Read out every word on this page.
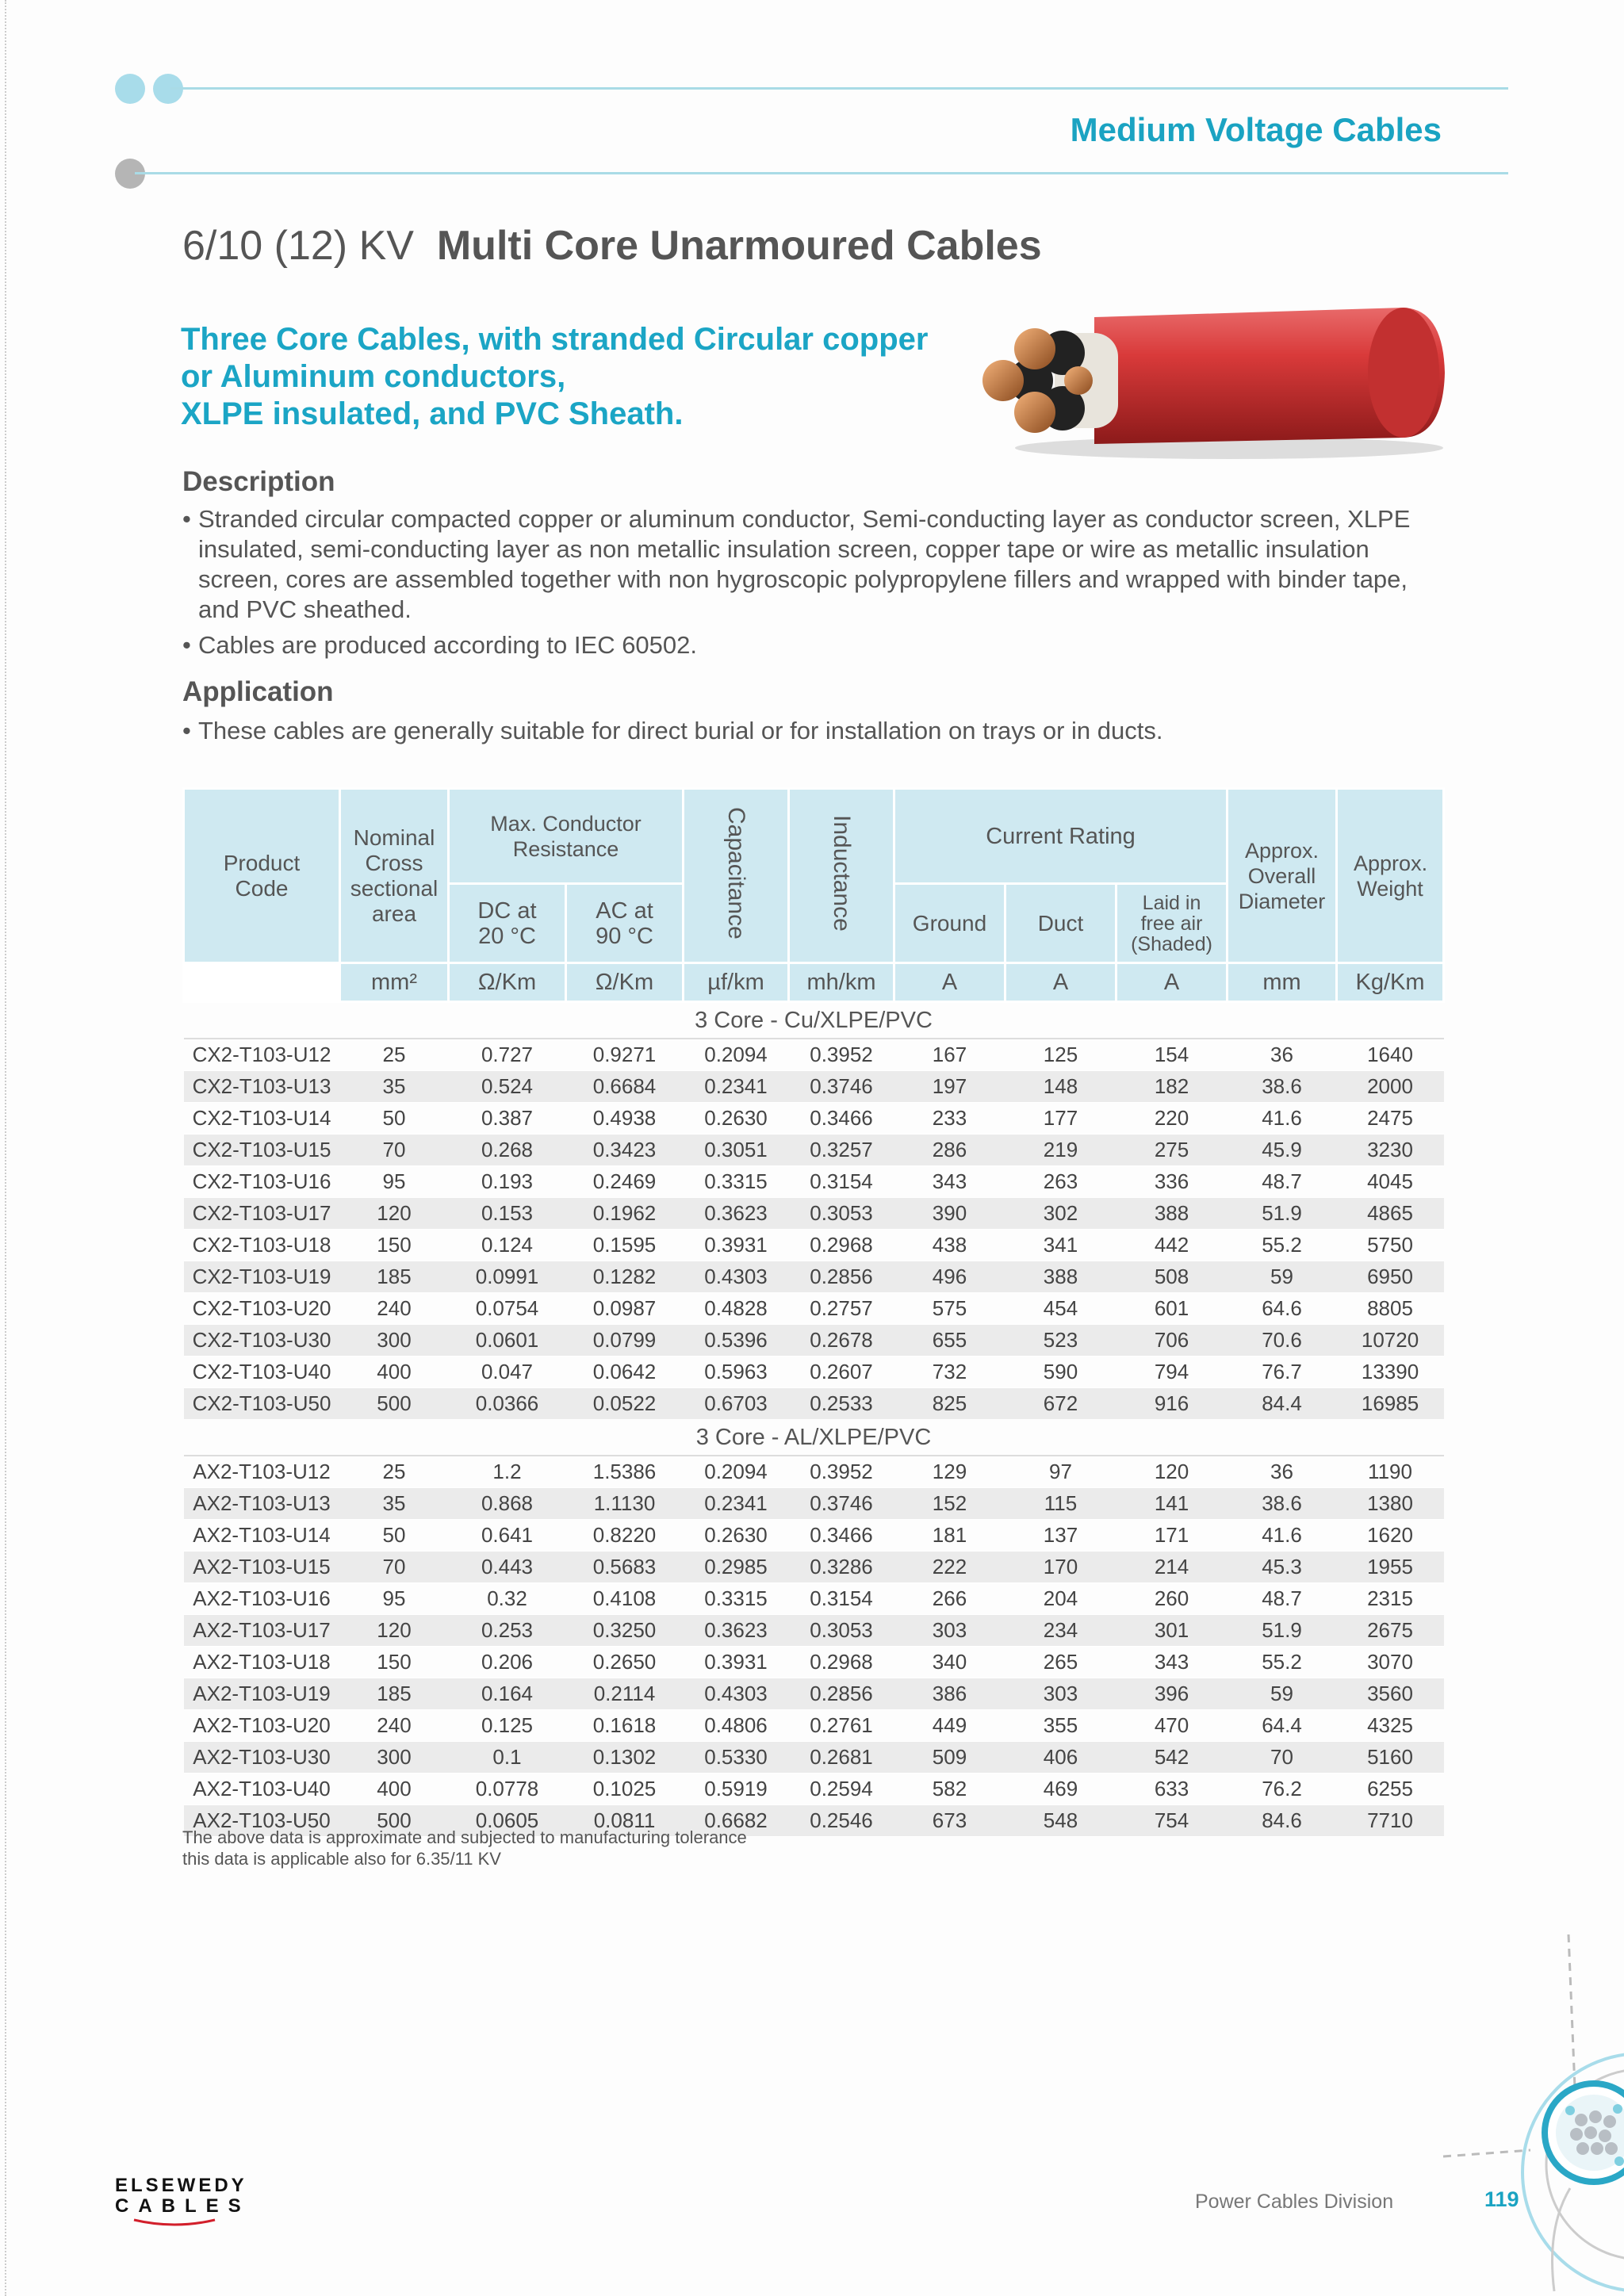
Medium Voltage Cables
6/10 (12) KV Multi Core Unarmoured Cables
Three Core Cables, with stranded Circular copper
or Aluminum conductors,
XLPE insulated, and PVC Sheath.
Description
• Stranded circular compacted copper or aluminum conductor, Semi-conducting layer as conductor screen, XLPE insulated, semi-conducting layer as non metallic insulation screen, copper tape or wire as metallic insulation screen, cores are assembled together with non hygroscopic polypropylene fillers and wrapped with binder tape, and PVC sheathed.
• Cables are produced according to IEC 60502.
Application
• These cables are generally suitable for direct burial or for installation on trays or in ducts.
Product Code	Nominal Cross sectional area	Max. Conductor Resistance		Capacitance	Inductance	Current Rating			Approx. Overall Diameter	Approx. Weight
		DC at 20 °C	AC at 90 °C			Ground	Duct	Laid in free air (Shaded)		
	mm²	Ω/Km	Ω/Km	µf/km	mh/km	A	A	A	mm	Kg/Km
3 Core - Cu/XLPE/PVC										
CX2-T103-U12	25	0.727	0.9271	0.2094	0.3952	167	125	154	36	1640
CX2-T103-U13	35	0.524	0.6684	0.2341	0.3746	197	148	182	38.6	2000
CX2-T103-U14	50	0.387	0.4938	0.2630	0.3466	233	177	220	41.6	2475
CX2-T103-U15	70	0.268	0.3423	0.3051	0.3257	286	219	275	45.9	3230
CX2-T103-U16	95	0.193	0.2469	0.3315	0.3154	343	263	336	48.7	4045
CX2-T103-U17	120	0.153	0.1962	0.3623	0.3053	390	302	388	51.9	4865
CX2-T103-U18	150	0.124	0.1595	0.3931	0.2968	438	341	442	55.2	5750
CX2-T103-U19	185	0.0991	0.1282	0.4303	0.2856	496	388	508	59	6950
CX2-T103-U20	240	0.0754	0.0987	0.4828	0.2757	575	454	601	64.6	8805
CX2-T103-U30	300	0.0601	0.0799	0.5396	0.2678	655	523	706	70.6	10720
CX2-T103-U40	400	0.047	0.0642	0.5963	0.2607	732	590	794	76.7	13390
CX2-T103-U50	500	0.0366	0.0522	0.6703	0.2533	825	672	916	84.4	16985
3 Core - AL/XLPE/PVC										
AX2-T103-U12	25	1.2	1.5386	0.2094	0.3952	129	97	120	36	1190
AX2-T103-U13	35	0.868	1.1130	0.2341	0.3746	152	115	141	38.6	1380
AX2-T103-U14	50	0.641	0.8220	0.2630	0.3466	181	137	171	41.6	1620
AX2-T103-U15	70	0.443	0.5683	0.2985	0.3286	222	170	214	45.3	1955
AX2-T103-U16	95	0.32	0.4108	0.3315	0.3154	266	204	260	48.7	2315
AX2-T103-U17	120	0.253	0.3250	0.3623	0.3053	303	234	301	51.9	2675
AX2-T103-U18	150	0.206	0.2650	0.3931	0.2968	340	265	343	55.2	3070
AX2-T103-U19	185	0.164	0.2114	0.4303	0.2856	386	303	396	59	3560
AX2-T103-U20	240	0.125	0.1618	0.4806	0.2761	449	355	470	64.4	4325
AX2-T103-U30	300	0.1	0.1302	0.5330	0.2681	509	406	542	70	5160
AX2-T103-U40	400	0.0778	0.1025	0.5919	0.2594	582	469	633	76.2	6255
AX2-T103-U50	500	0.0605	0.0811	0.6682	0.2546	673	548	754	84.6	7710
The above data is approximate and subjected to manufacturing tolerance
this data is applicable also for 6.35/11 KV
Power Cables Division	119
ELSEWEDY
CABLES
